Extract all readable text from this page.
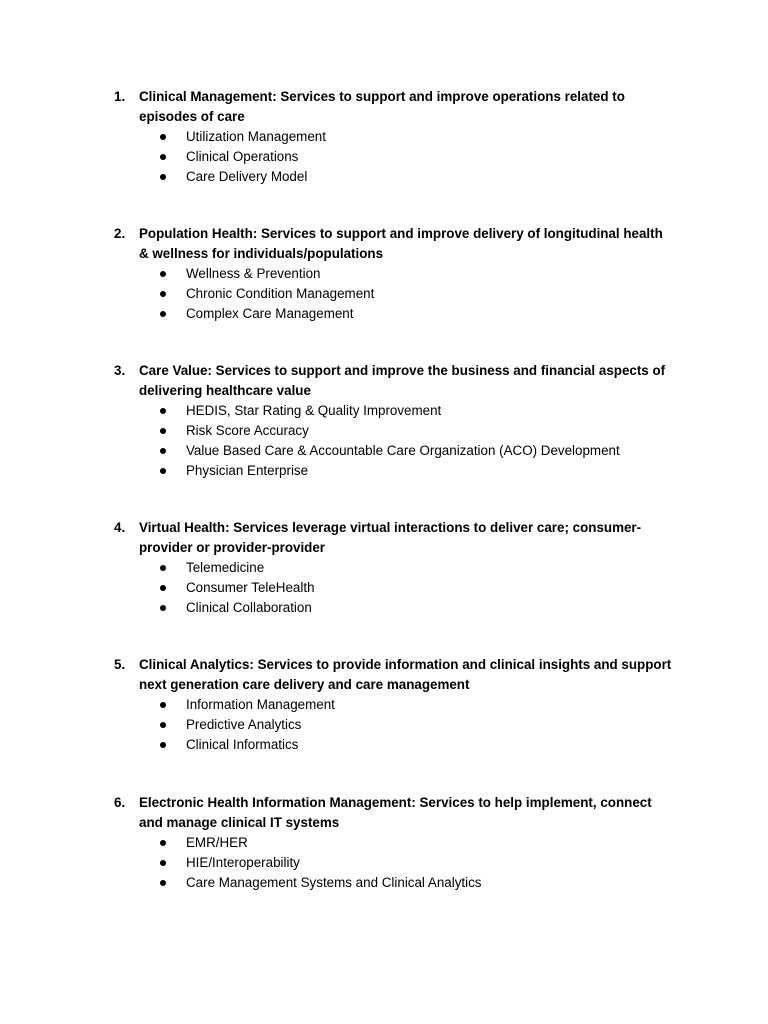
1. Clinical Management: Services to support and improve operations related to episodes of care
Utilization Management
Clinical Operations
Care Delivery Model
2. Population Health: Services to support and improve delivery of longitudinal health & wellness for individuals/populations
Wellness & Prevention
Chronic Condition Management
Complex Care Management
3. Care Value: Services to support and improve the business and financial aspects of delivering healthcare value
HEDIS, Star Rating & Quality Improvement
Risk Score Accuracy
Value Based Care & Accountable Care Organization (ACO) Development
Physician Enterprise
4. Virtual Health: Services leverage virtual interactions to deliver care; consumer-provider or provider-provider
Telemedicine
Consumer TeleHealth
Clinical Collaboration
5. Clinical Analytics: Services to provide information and clinical insights and support next generation care delivery and care management
Information Management
Predictive Analytics
Clinical Informatics
6. Electronic Health Information Management: Services to help implement, connect and manage clinical IT systems
EMR/HER
HIE/Interoperability
Care Management Systems and Clinical Analytics
